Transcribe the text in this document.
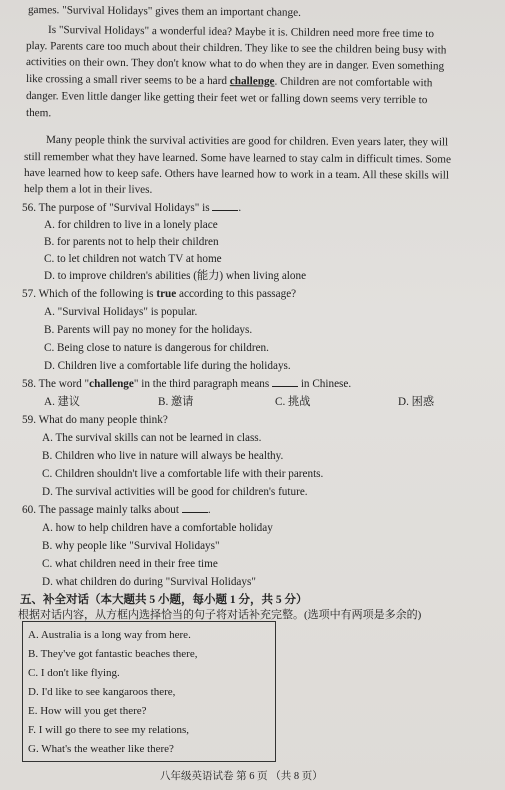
games. "Survival Holidays" gives them an important change.
Is "Survival Holidays" a wonderful idea? Maybe it is. Children need more free time to
play. Parents care too much about their children. They like to see the children being busy with
activities on their own. They don't know what to do when they are in danger. Even something
like crossing a small river seems to be a hard challenge. Children are not comfortable with
danger. Even little danger like getting their feet wet or falling down seems very terrible to
them.
Many people think the survival activities are good for children. Even years later, they will
still remember what they have learned. Some have learned to stay calm in difficult times. Some
have learned how to keep safe. Others have learned how to work in a team. All these skills will
help them a lot in their lives.
56. The purpose of "Survival Holidays" is	.
A. for children to live in a lonely place
B. for parents not to help their children
C. to let children not watch TV at home
D. to improve children's abilities (能力) when living alone
57. Which of the following is true according to this passage?
A. "Survival Holidays" is popular.
B. Parents will pay no money for the holidays.
C. Being close to nature is dangerous for children.
D. Children live a comfortable life during the holidays.
58. The word "challenge" in the third paragraph means	in Chinese.
A. 建议	B. 邀请	C. 挑战	D. 困惑
59. What do many people think?
A. The survival skills can not be learned in class.
B. Children who live in nature will always be healthy.
C. Children shouldn't live a comfortable life with their parents.
D. The survival activities will be good for children's future.
60. The passage mainly talks about	.
A. how to help children have a comfortable holiday
B. why people like "Survival Holidays"
C. what children need in their free time
D. what children do during "Survival Holidays"
五、补全对话（本大题共 5 小题，每小题 1 分，共 5 分）
根据对话内容，从方框内选择恰当的句子将对话补充完整。(选项中有两项是多余的)
A. Australia is a long way from here.
B. They've got fantastic beaches there,
C. I don't like flying.
D. I'd like to see kangaroos there,
E. How will you get there?
F. I will go there to see my relations,
G. What's the weather like there?
八年级英语试卷 第 6 页 （共 8 页）
